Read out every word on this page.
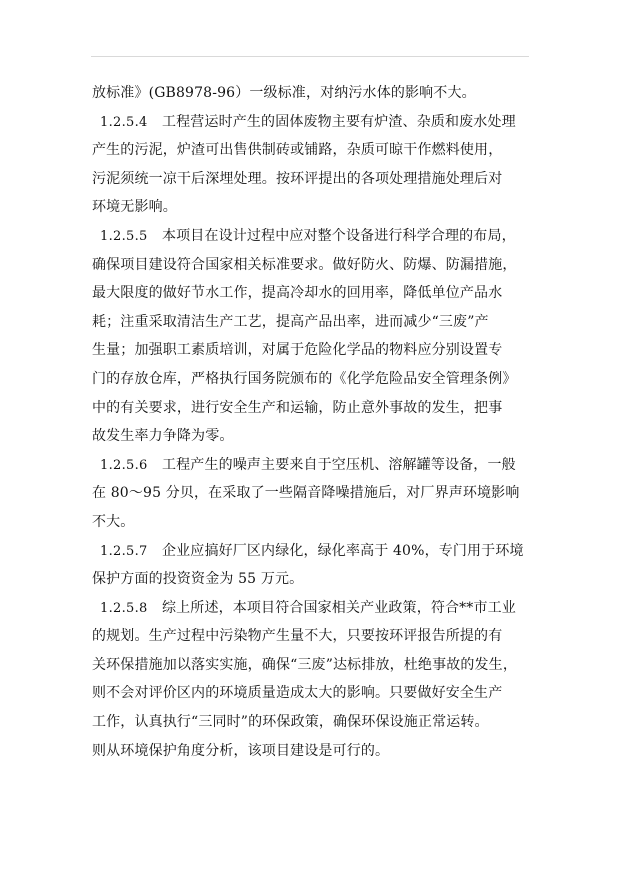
放标准》(GB8978-96）一级标准，对纳污水体的影响不大。
1.2.5.4 工程营运时产生的固体废物主要有炉渣、杂质和废水处理
产生的污泥，炉渣可出售供制砖或铺路，杂质可晾干作燃料使用，
污泥须统一凉干后深埋处理。按环评提出的各项处理措施处理后对
环境无影响。
1.2.5.5 本项目在设计过程中应对整个设备进行科学合理的布局，
确保项目建设符合国家相关标准要求。做好防火、防爆、防漏措施，
最大限度的做好节水工作，提高冷却水的回用率，降低单位产品水
耗；注重采取清洁生产工艺，提高产品出率，进而减少“三废”产
生量；加强职工素质培训，对属于危险化学品的物料应分别设置专
门的存放仓库，严格执行国务院颁布的《化学危险品安全管理条例》
中的有关要求，进行安全生产和运输，防止意外事故的发生，把事
故发生率力争降为零。
1.2.5.6 工程产生的噪声主要来自于空压机、溶解罐等设备，一般
在 80～95 分贝，在采取了一些隔音降噪措施后，对厂界声环境影响
不大。
1.2.5.7 企业应搞好厂区内绿化，绿化率高于 40%，专门用于环境
保护方面的投资资金为 55 万元。
1.2.5.8 综上所述，本项目符合国家相关产业政策，符合**市工业
的规划。生产过程中污染物产生量不大，只要按环评报告所提的有
关环保措施加以落实实施，确保“三废”达标排放，杜绝事故的发生，
则不会对评价区内的环境质量造成太大的影响。只要做好安全生产
工作，认真执行“三同时”的环保政策，确保环保设施正常运转。
则从环境保护角度分析，该项目建设是可行的。
